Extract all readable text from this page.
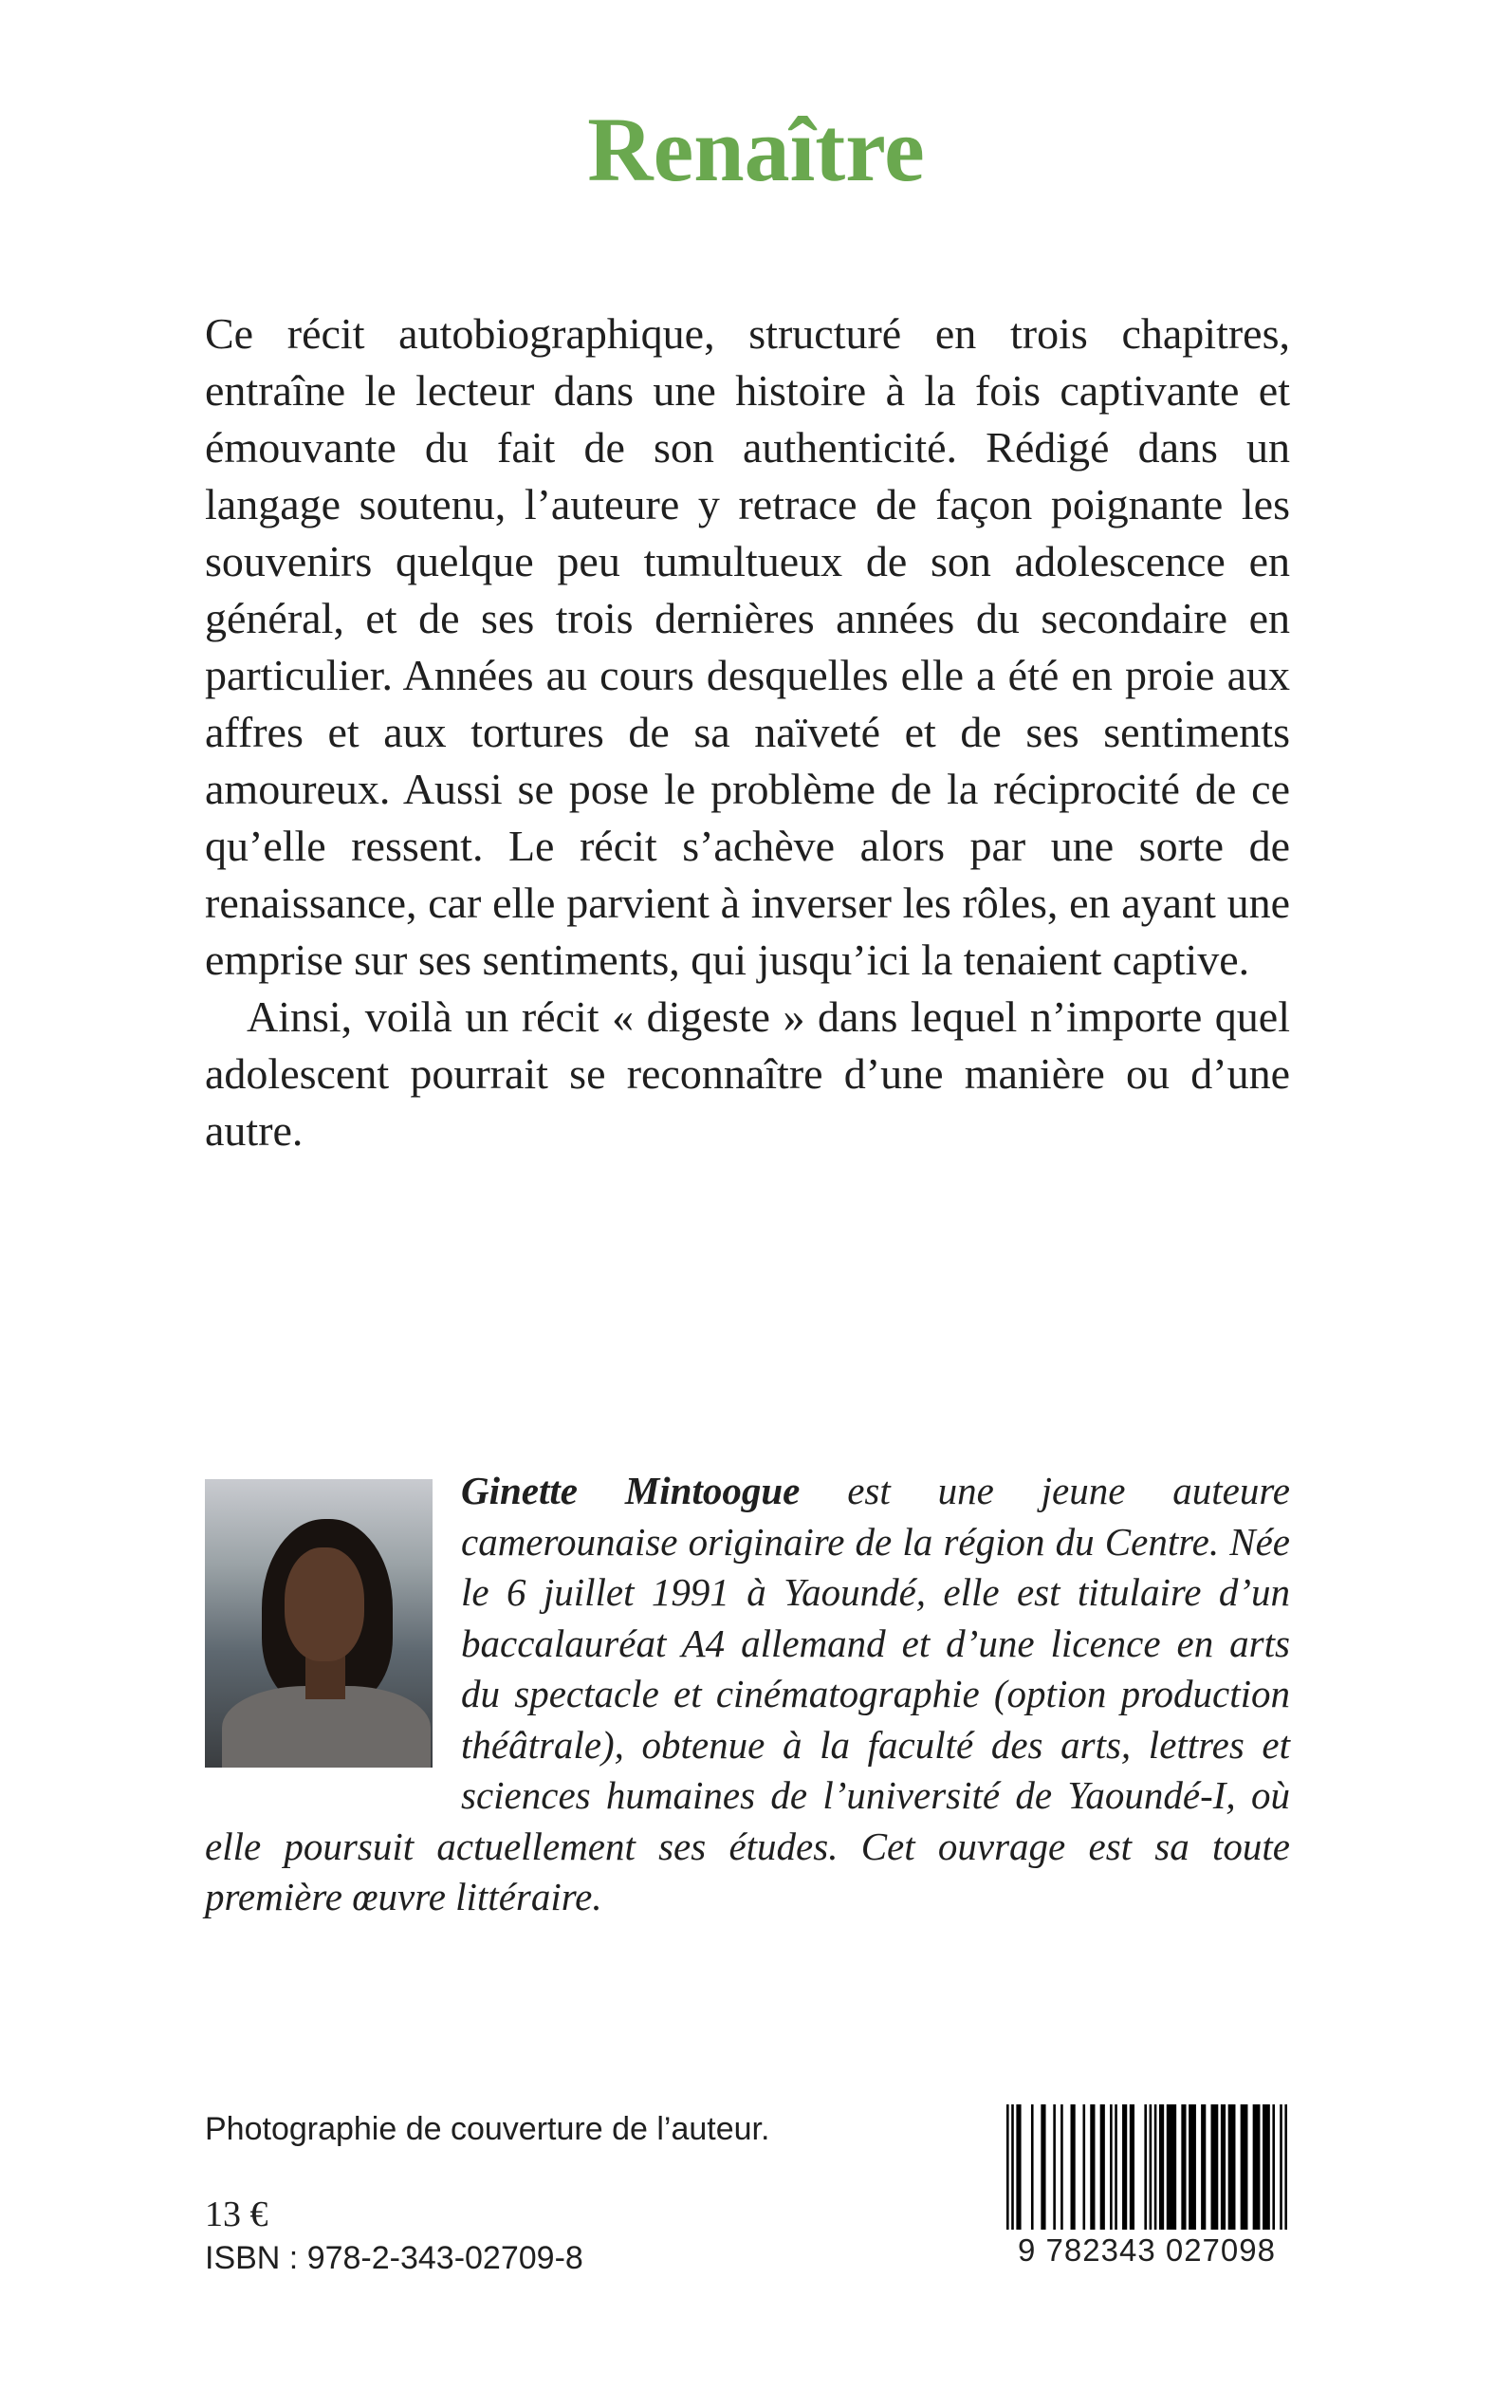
Renaître

Ce récit autobiographique, structuré en trois chapitres, entraîne le lecteur dans une histoire à la fois captivante et émouvante du fait de son authenticité. Rédigé dans un langage soutenu, l’auteure y retrace de façon poignante les souvenirs quelque peu tumultueux de son adolescence en général, et de ses trois dernières années du secondaire en particulier. Années au cours desquelles elle a été en proie aux affres et aux tortures de sa naïveté et de ses sentiments amoureux. Aussi se pose le problème de la réciprocité de ce qu’elle ressent. Le récit s’achève alors par une sorte de renaissance, car elle parvient à inverser les rôles, en ayant une emprise sur ses sentiments, qui jusqu’ici la tenaient captive.

Ainsi, voilà un récit « digeste » dans lequel n’importe quel adolescent pourrait se reconnaître d’une manière ou d’une autre.

Ginette Mintoogue est une jeune auteure camerounaise originaire de la région du Centre. Née le 6 juillet 1991 à Yaoundé, elle est titulaire d’un baccalauréat A4 allemand et d’une licence en arts du spectacle et cinématographie (option production théâtrale), obtenue à la faculté des arts, lettres et sciences humaines de l’université de Yaoundé-I, où elle poursuit actuellement ses études. Cet ouvrage est sa toute première œuvre littéraire.

Photographie de couverture de l’auteur.
13 €
ISBN : 978-2-343-02709-8	9 782343 027098
